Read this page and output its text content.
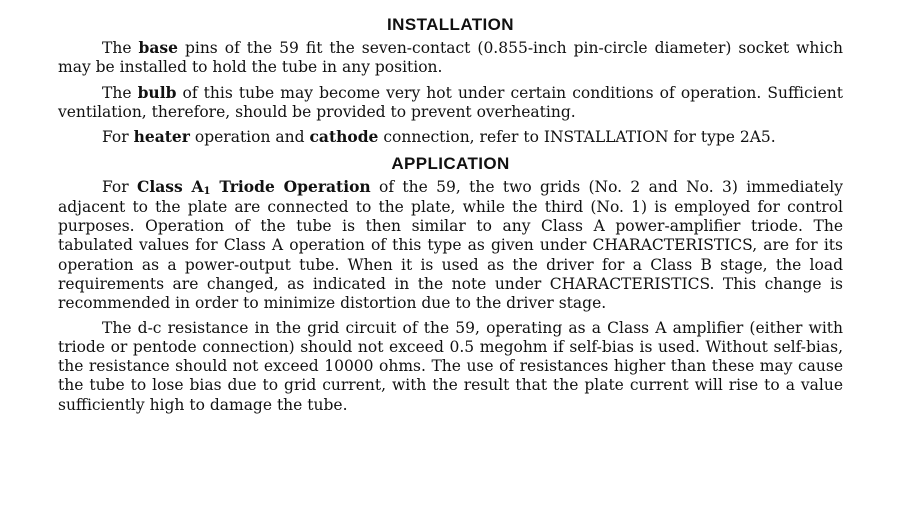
INSTALLATION

The base pins of the 59 fit the seven-contact (0.855-inch pin-circle diameter) socket which may be installed to hold the tube in any position.

The bulb of this tube may become very hot under certain conditions of operation. Sufficient ventilation, therefore, should be provided to prevent overheating.

For heater operation and cathode connection, refer to INSTALLATION for type 2A5.

APPLICATION

For Class $A_1$ Triode Operation of the 59, the two grids (No. 2 and No. 3) immediately adjacent to the plate are connected to the plate, while the third (No. 1) is employed for control purposes. Operation of the tube is then similar to any Class A power-amplifier triode. The tabulated values for Class A operation of this type as given under CHARACTERISTICS, are for its operation as a power-output tube. When it is used as the driver for a Class B stage, the load requirements are changed, as indicated in the note under CHARACTERISTICS. This change is recommended in order to minimize distortion due to the driver stage.

The d-c resistance in the grid circuit of the 59, operating as a Class A amplifier (either with triode or pentode connection) should not exceed 0.5 megohm if self-bias is used. Without self-bias, the resistance should not exceed 10000 ohms. The use of resistances higher than these may cause the tube to lose bias due to grid current, with the result that the plate current will rise to a value sufficiently high to damage the tube.
